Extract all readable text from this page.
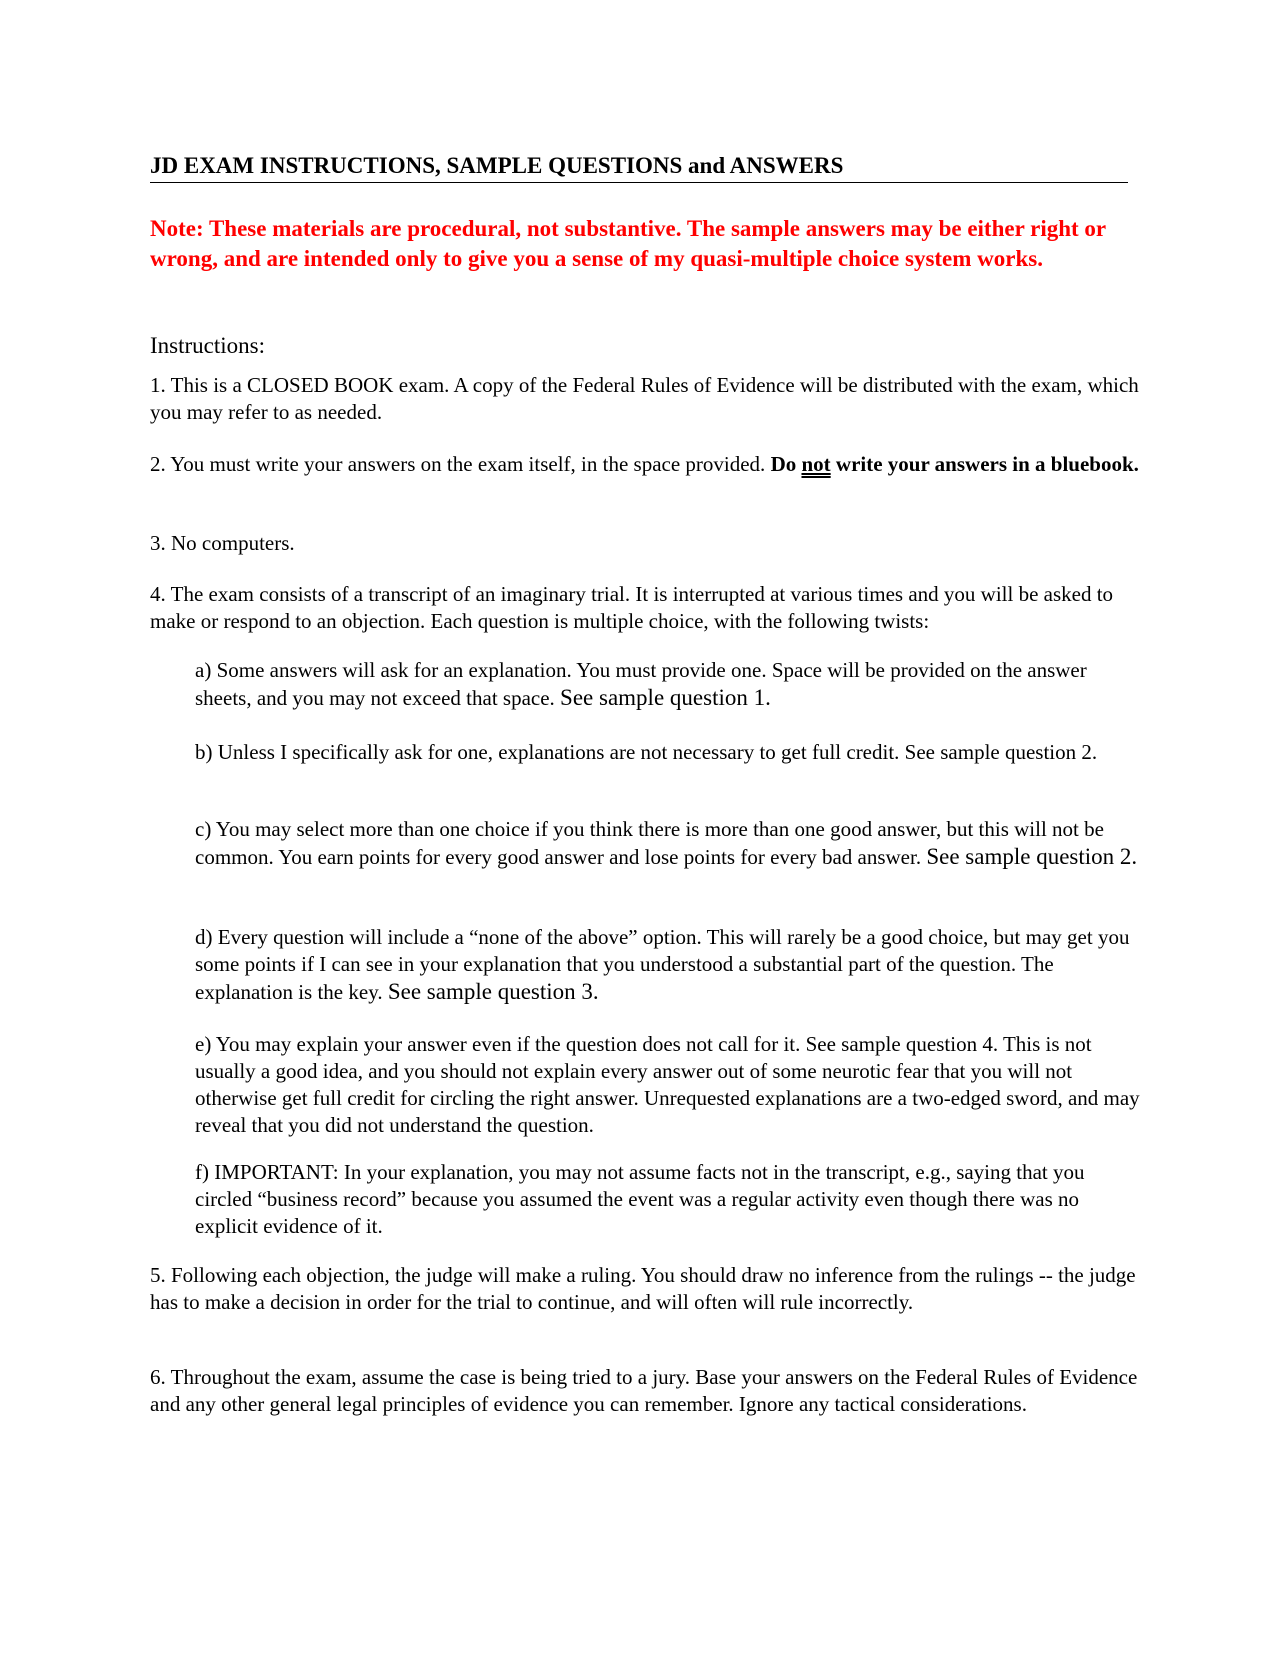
JD EXAM INSTRUCTIONS, SAMPLE QUESTIONS and ANSWERS
Note: These materials are procedural, not substantive. The sample answers may be either right or wrong, and are intended only to give you a sense of my quasi-multiple choice system works.
Instructions:
1. This is a CLOSED BOOK exam. A copy of the Federal Rules of Evidence will be distributed with the exam, which you may refer to as needed.
2. You must write your answers on the exam itself, in the space provided. Do not write your answers in a bluebook.
3. No computers.
4. The exam consists of a transcript of an imaginary trial. It is interrupted at various times and you will be asked to make or respond to an objection. Each question is multiple choice, with the following twists:
a) Some answers will ask for an explanation. You must provide one. Space will be provided on the answer sheets, and you may not exceed that space. See sample question 1.
b) Unless I specifically ask for one, explanations are not necessary to get full credit. See sample question 2.
c) You may select more than one choice if you think there is more than one good answer, but this will not be common. You earn points for every good answer and lose points for every bad answer. See sample question 2.
d) Every question will include a “none of the above” option. This will rarely be a good choice, but may get you some points if I can see in your explanation that you understood a substantial part of the question. The explanation is the key. See sample question 3.
e) You may explain your answer even if the question does not call for it. See sample question 4. This is not usually a good idea, and you should not explain every answer out of some neurotic fear that you will not otherwise get full credit for circling the right answer. Unrequested explanations are a two-edged sword, and may reveal that you did not understand the question.
f) IMPORTANT: In your explanation, you may not assume facts not in the transcript, e.g., saying that you circled “business record” because you assumed the event was a regular activity even though there was no explicit evidence of it.
5. Following each objection, the judge will make a ruling. You should draw no inference from the rulings -- the judge has to make a decision in order for the trial to continue, and will often will rule incorrectly.
6. Throughout the exam, assume the case is being tried to a jury. Base your answers on the Federal Rules of Evidence and any other general legal principles of evidence you can remember. Ignore any tactical considerations.
